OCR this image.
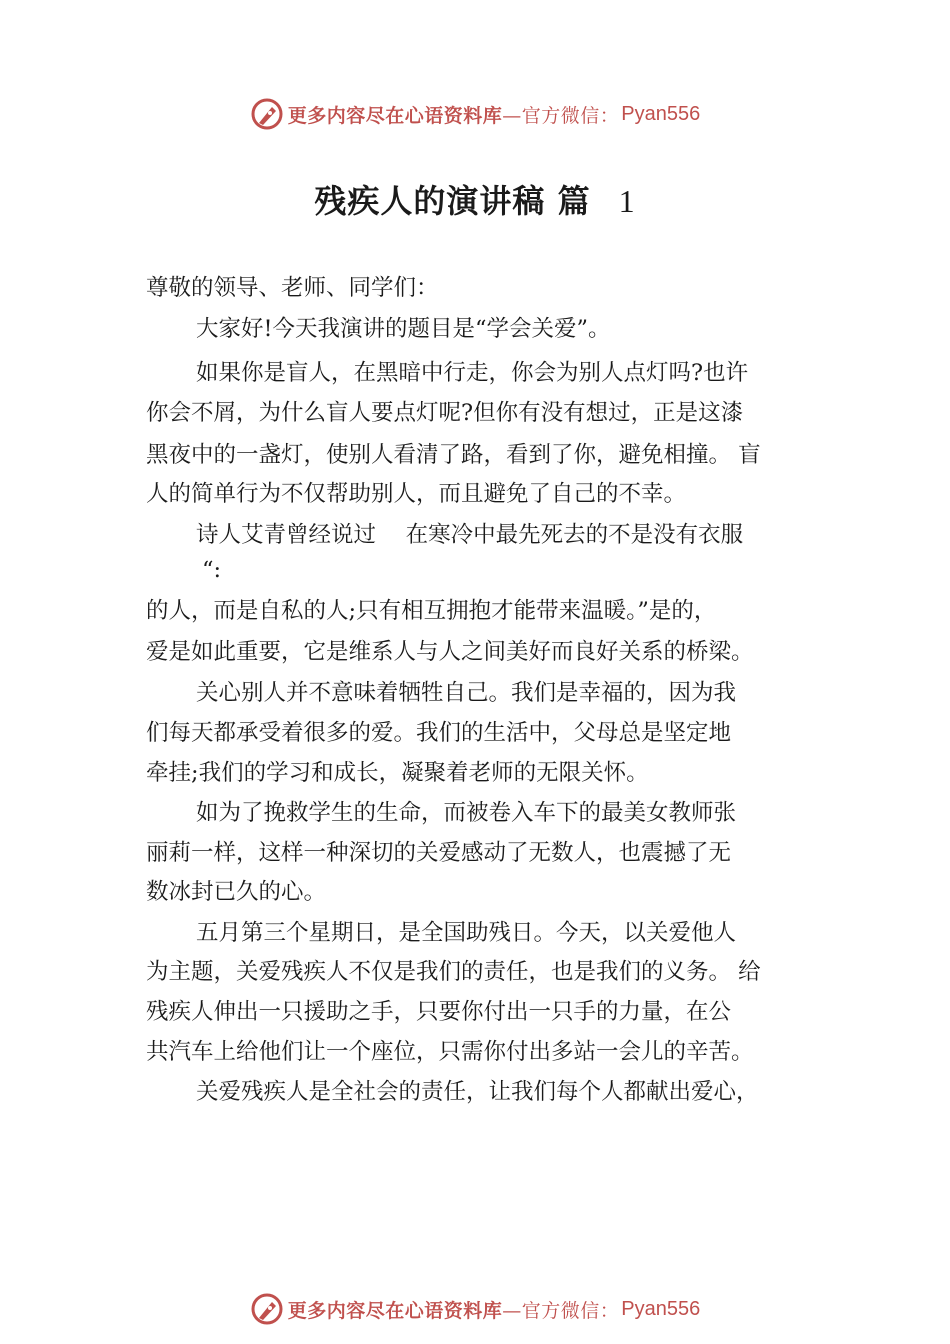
更多内容尽在心语资料库—官方微信： Pyan556
残疾人的演讲稿 篇 1
尊敬的领导、老师、同学们：
大家好!今天我演讲的题目是“学会关爱”。
如果你是盲人，在黑暗中行走，你会为别人点灯吗?也许
你会不屑，为什么盲人要点灯呢?但你有没有想过，正是这漆
黑夜中的一盏灯，使别人看清了路，看到了你，避免相撞。 盲
人的简单行为不仅帮助别人，而且避免了自己的不幸。
诗人艾青曾经说过　 在寒冷中最先死去的不是没有衣服
“:
的人，而是自私的人;只有相互拥抱才能带来温暖。”是的，
爱是如此重要，它是维系人与人之间美好而良好关系的桥梁。
关心别人并不意味着牺牲自己。我们是幸福的，因为我
们每天都承受着很多的爱。我们的生活中，父母总是坚定地
牵挂;我们的学习和成长，凝聚着老师的无限关怀。
如为了挽救学生的生命，而被卷入车下的最美女教师张
丽莉一样，这样一种深切的关爱感动了无数人，也震撼了无
数冰封已久的心。
五月第三个星期日，是全国助残日。今天，以关爱他人
为主题，关爱残疾人不仅是我们的责任，也是我们的义务。 给
残疾人伸出一只援助之手，只要你付出一只手的力量，在公
共汽车上给他们让一个座位，只需你付出多站一会儿的辛苦。
关爱残疾人是全社会的责任，让我们每个人都献出爱心，
更多内容尽在心语资料库—官方微信： Pyan556
